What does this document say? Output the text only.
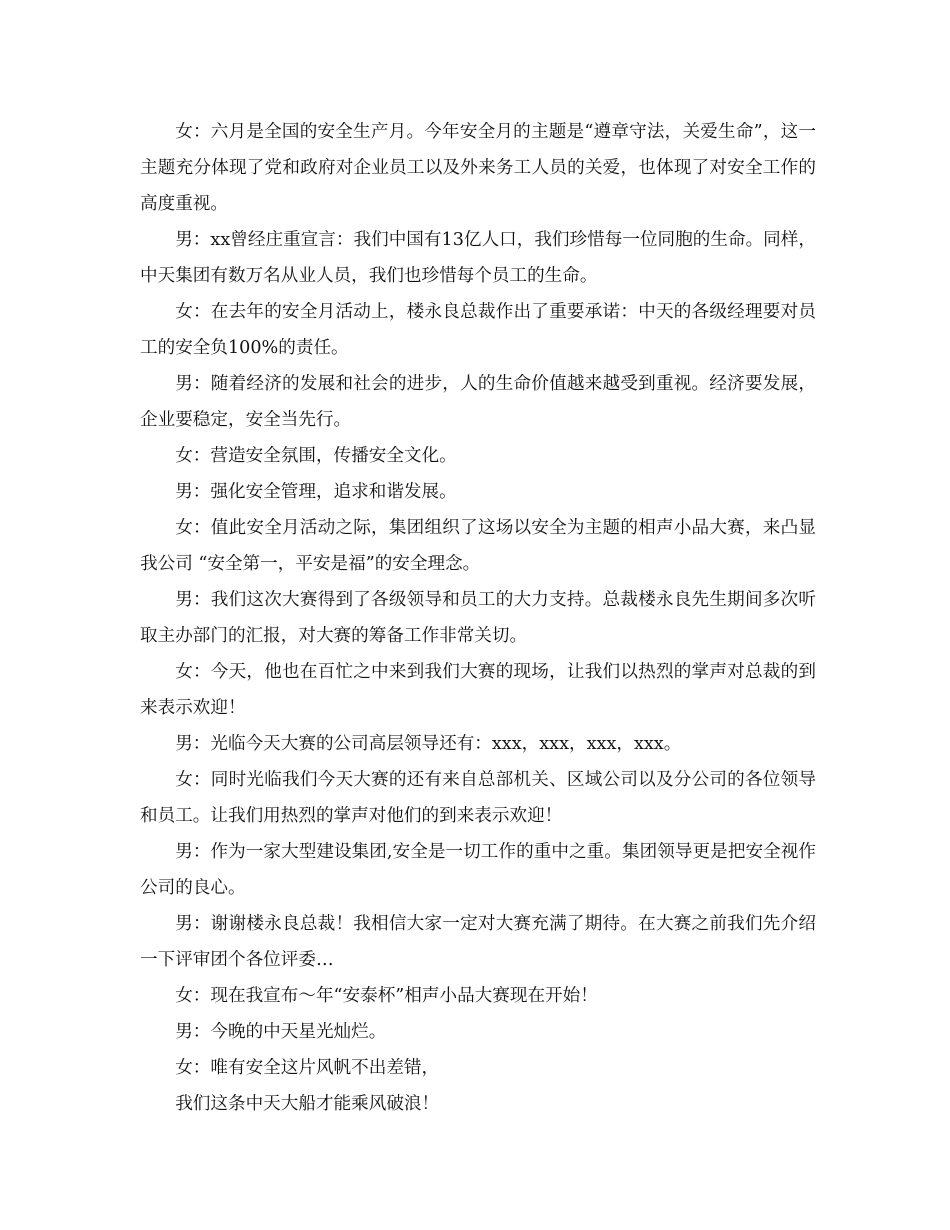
女：六月是全国的安全生产月。今年安全月的主题是“遵章守法，关爱生命”，这一主题充分体现了党和政府对企业员工以及外来务工人员的关爱，也体现了对安全工作的高度重视。

男：xx曾经庄重宣言：我们中国有13亿人口，我们珍惜每一位同胞的生命。同样，中天集团有数万名从业人员，我们也珍惜每个员工的生命。

女：在去年的安全月活动上，楼永良总裁作出了重要承诺：中天的各级经理要对员工的安全负100%的责任。

男：随着经济的发展和社会的进步，人的生命价值越来越受到重视。经济要发展，企业要稳定，安全当先行。

女：营造安全氛围，传播安全文化。

男：强化安全管理，追求和谐发展。

女：值此安全月活动之际，集团组织了这场以安全为主题的相声小品大赛，来凸显我公司 “安全第一，平安是福”的安全理念。

男：我们这次大赛得到了各级领导和员工的大力支持。总裁楼永良先生期间多次听取主办部门的汇报，对大赛的筹备工作非常关切。

女：今天，他也在百忙之中来到我们大赛的现场，让我们以热烈的掌声对总裁的到来表示欢迎！

男：光临今天大赛的公司高层领导还有：xxx，xxx，xxx，xxx。

女：同时光临我们今天大赛的还有来自总部机关、区域公司以及分公司的各位领导和员工。让我们用热烈的掌声对他们的到来表示欢迎！

男：作为一家大型建设集团,安全是一切工作的重中之重。集团领导更是把安全视作公司的良心。

男：谢谢楼永良总裁！我相信大家一定对大赛充满了期待。在大赛之前我们先介绍一下评审团个各位评委…

女：现在我宣布～年“安泰杯”相声小品大赛现在开始！

男：今晚的中天星光灿烂。

女：唯有安全这片风帆不出差错，

我们这条中天大船才能乘风破浪！
